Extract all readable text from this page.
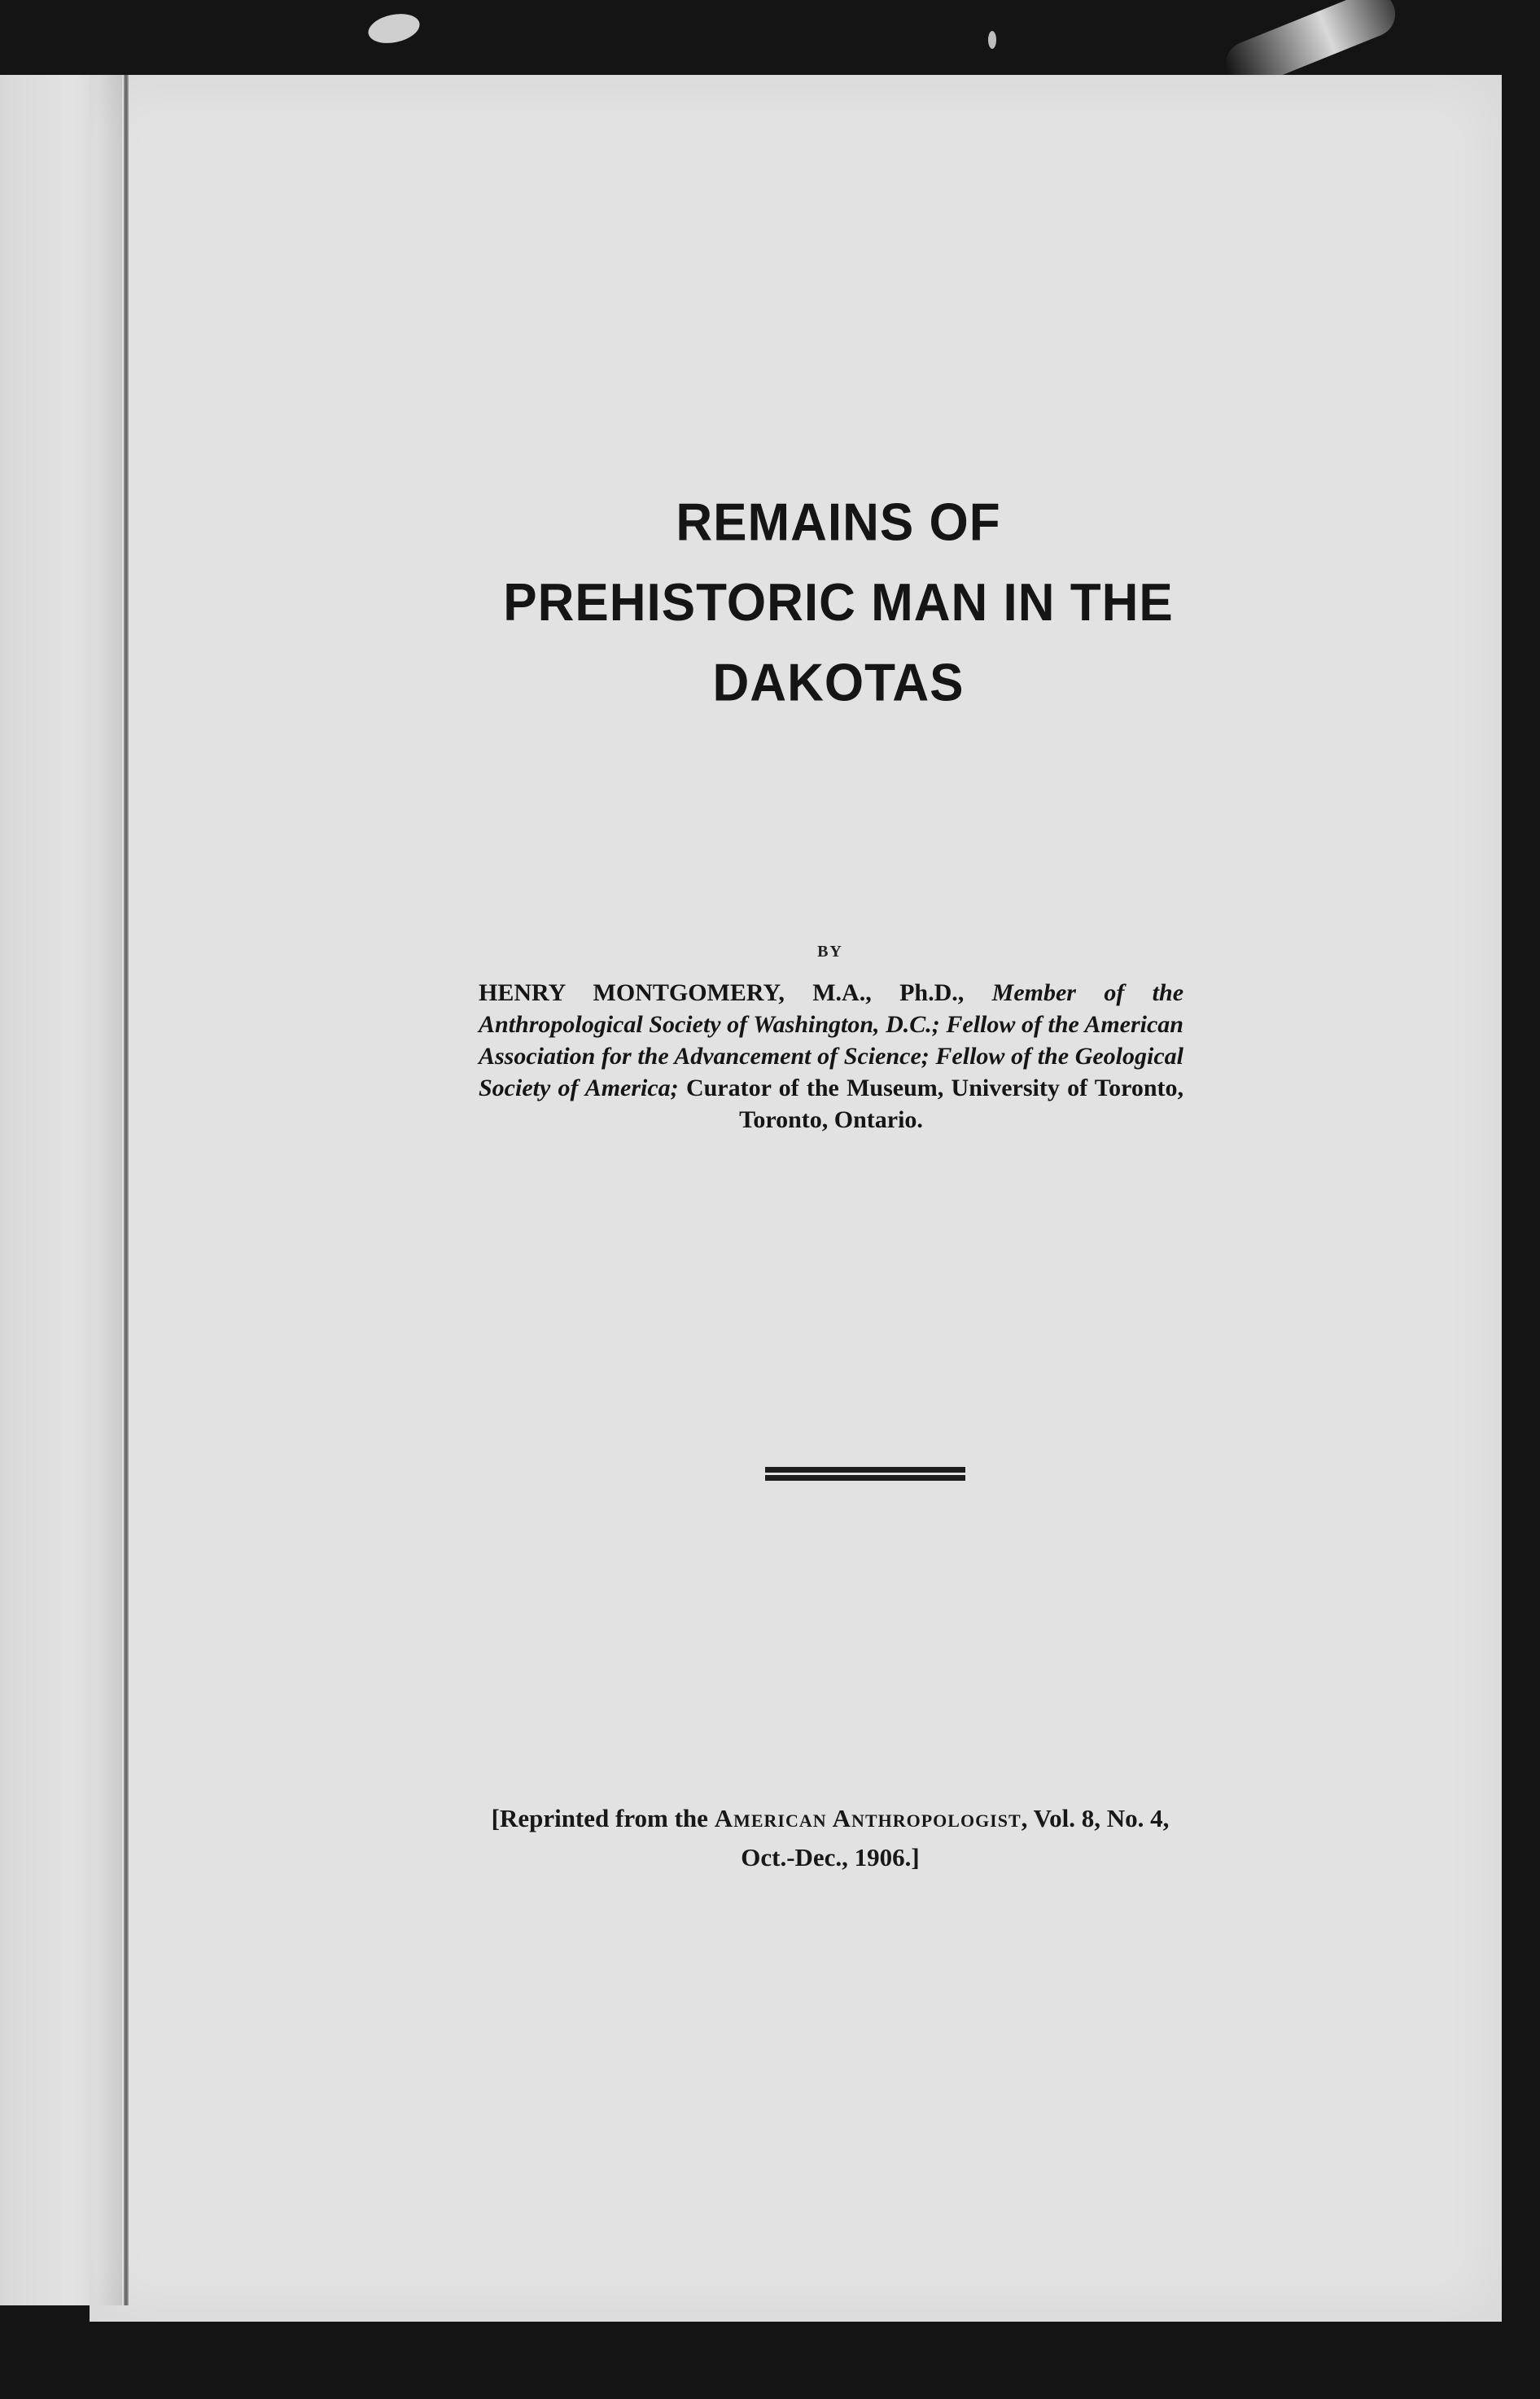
REMAINS OF
PREHISTORIC MAN IN THE
DAKOTAS
BY
HENRY MONTGOMERY, M.A., Ph.D., Member of the Anthropological Society of Washington, D.C.; Fellow of the American Association for the Advancement of Science; Fellow of the Geological Society of America; Curator of the Museum, University of Toronto, Toronto, Ontario.
[Reprinted from the American Anthropologist, Vol. 8, No. 4,
Oct.-Dec., 1906.]
